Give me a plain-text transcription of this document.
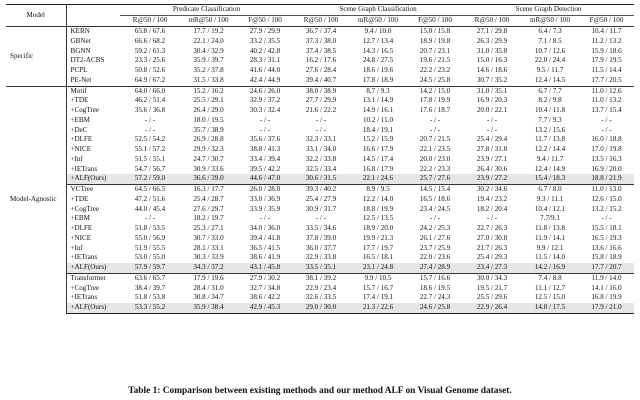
Model		Predicate Classification			Scene Graph Classification			Scene Graph Detection		
		R@50 / 100	mR@50 / 100	F@50 / 100	R@50 / 100	mR@50 / 100	F@50 / 100	R@50 / 100	mR@50 / 100	F@50 / 100
Specific	KERN	65.8 / 67.6	17.7 / 19.2	27.9 / 29.9	36.7 / 37.4	9.4 / 10.0	15.0 / 15.8	27.1 / 29.8	6.4 / 7.3	10.4 / 11.7
	GBNet	66.6 / 68.2	22.1 / 24.0	33.2 / 35.5	37.3 / 38.0	12.7 / 13.4	18.9 / 19.8	26.3 / 29.9	7.1 / 8.5	11.2 / 13.2
	BGNN	59.2 / 61.3	30.4 / 32.9	40.2 / 42.8	37.4 / 38.5	14.3 / 16.5	20.7 / 23.1	31.0 / 35.8	10.7 / 12.6	15.9 / 18.6
	DT2-ACBS	23.3 / 25.6	35.9 / 39.7	28.3 / 31.1	16.2 / 17.6	24.8 / 27.5	19.6 / 21.5	15.0 / 16.3	22.0 / 24.4	17.9 / 19.5
	PCPL	50.8 / 52.6	35.2 / 37.8	41.6 / 44.0	27.6 / 28.4	18.6 / 19.6	22.2 / 23.2	14.6 / 18.6	9.5 / 11.7	11.5 / 14.4
	PE-Net	64.9 / 67.2	31.5 / 33.8	42.4 / 44.9	39.4 / 40.7	17.8 / 18.9	24.5 / 25.8	30.7 / 35.2	12.4 / 14.5	17.7 / 20.5
Model-Agnostic	Motif	64.0 / 66.0	15.2 / 16.2	24.6 / 26.0	38.0 / 38.9	8.7 / 9.3	14.2 / 15.0	31.0 / 35.1	6.7 / 7.7	11.0 / 12.6
	+TDE	46.2 / 51.4	25.5 / 29.1	32.9 / 37.2	27.7 / 29.9	13.1 / 14.9	17.8 / 19.9	16.9 / 20.3	8.2 / 9.8	11.0 / 13.2
	+CogTree	35.6 / 36.8	26.4 / 29.0	30.3 / 32.4	21.6 / 22.2	14.9 / 16.1	17.6 / 18.7	20.0 / 22.1	10.4 / 11.8	13.7 / 15.4
	+EBM	- / -	18.0 / 19.5	- / -	- / -	10.2 / 11.0	- / -	- / -	7.7 / 9.3	- / -
	+DeC	- / -	35.7 / 38.9	- / -	- / -	18.4 / 19.1	- / -	- / -	13.2 / 15.6	- / -
	+DLFE	52.5 / 54.2	26.9 / 28.8	35.6 / 37.6	32.3 / 33.1	15.2 / 15.9	20.7 / 21.5	25.4 / 29.4	11.7 / 13.8	16.0 / 18.8
	+NICE	55.1 / 57.2	29.9 / 32.3	38.8 / 41.3	33.1 / 34.0	16.6 / 17.9	22.1 / 23.5	27.8 / 31.8	12.2 / 14.4	17.0 / 19.8
	+Inf	51.5 / 55.1	24.7 / 30.7	33.4 / 39.4	32.2 / 33.8	14.5 / 17.4	20.0 / 23.0	23.9 / 27.1	9.4 / 11.7	13.5 / 16.3
	+IETrans	54.7 / 56.7	30.9 / 33.6	39.5 / 42.2	32.5 / 33.4	16.8 / 17.9	22.2 / 23.3	26.4 / 30.6	12.4 / 14.9	16.9 / 20.0
	+ALF(Ours)	57.2 / 59.0	36.6 / 39.0	44.6 / 47.0	30.6 / 31.5	22.1 / 24.6	25.7 / 27.6	23.9 / 27.2	15.4 / 18.3	18.8 / 21.9
	VCTree	64.5 / 66.5	16.3 / 17.7	26.0 / 28.0	39.3 / 40.2	8.9 / 9.5	14.5 / 15.4	30.2 / 34.6	6.7 / 8.0	11.0 / 13.0
	+TDE	47.2 / 51.6	25.4 / 28.7	33.0 / 36.9	25.4 / 27.9	12.2 / 14.0	16.5 / 18.6	19.4 / 23.2	9.3 / 11.1	12.6 / 15.0
	+CogTree	44.0 / 45.4	27.6 / 29.7	33.9 / 35.9	30.9 / 31.7	18.8 / 19.9	23.4 / 24.5	18.2 / 20.4	10.4 / 12.1	13.2 / 15.2
	+EBM	- / -	18.2 / 19.7	- / -	- / -	12.5 / 13.5	- / -	- / -	7.7/9.1	- / -
	+DLFE	51.8 / 53.5	25.3 / 27.1	34.0 / 36.0	33.5 / 34.6	18.9 / 20.0	24.2 / 25.3	22.7 / 26.3	11.8 / 13.8	15.5 / 18.1
	+NICE	55.0 / 56.9	30.7 / 33.0	39.4 / 41.8	37.8 / 39.0	19.9 / 21.3	26.1 / 27.6	27.0 / 30.8	11.9 / 14.1	16.5 / 19.3
	+Inf	51.9 / 55.5	28.1 / 33.1	36.5 / 41.5	36.0 / 37.7	17.7 / 19.7	23.7 / 25.9	21.7 / 26.3	9.9 / 12.1	13.6 / 16.6
	+IETrans	53.0 / 55.0	30.3 / 33.9	38.6 / 41.9	32.9 / 33.8	16.5 / 18.1	22.0 / 23.6	25.4 / 29.3	11.5 / 14.0	15.8 / 18.9
	+ALF(Ours)	57.9 / 59.7	34.3 / 37.2	43.1 / 45.8	33.5 / 35.1	23.1 / 24.8	27.4 / 28.9	23.4 / 27.3	14.2 / 16.9	17.7 / 20.7
	Transformer	63.6 / 65.7	17.9 / 19.6	27.9 / 30.2	38.1 / 39.2	9.9 / 10.5	15.7 / 16.6	30.0 / 34.3	7.4 / 8.8	11.9 / 14.0
	+CogTree	38.4 / 39.7	28.4 / 31.0	32.7 / 34.8	22.9 / 23.4	15.7 / 16.7	18.6 / 19.5	19.5 / 21.7	11.1 / 12.7	14.1 / 16.0
	+IETrans	51.8 / 53.8	30.8 / 34.7	38.6 / 42.2	32.6 / 33.5	17.4 / 19.1	22.7 / 24.3	25.5 / 29.6	12.5 / 15.0	16.8 / 19.9
	+ALF(Ours)	53.3 / 55.2	35.9 / 38.4	42.9 / 45.3	29.0 / 30.0	21.3 / 22.6	24.6 / 25.8	22.9 / 26.4	14.8 / 17.5	17.9 / 21.0
Table 1: Comparison between existing methods and our method ALF on Visual Genome dataset.
